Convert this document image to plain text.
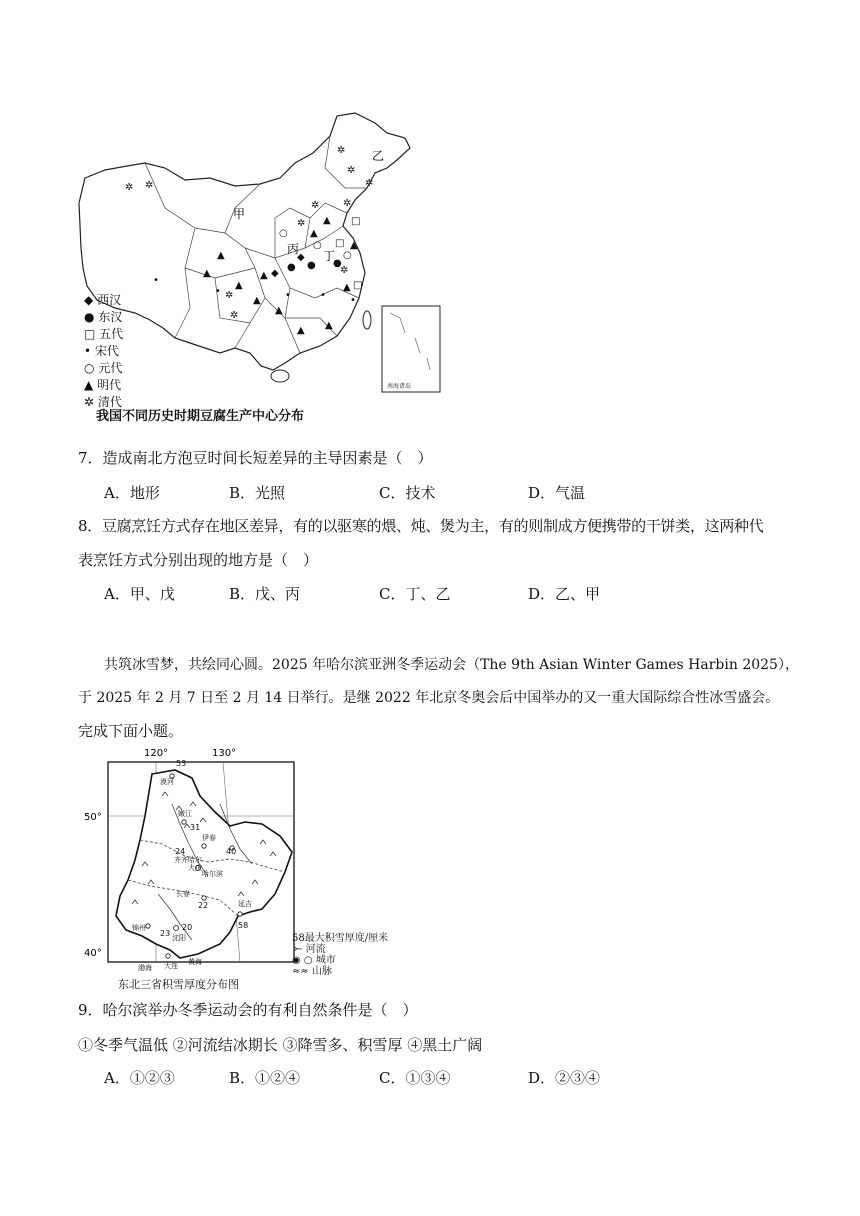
南海诸岛
甲
乙
丙 丁
✲ ✲
✲
✲
✲
✲
✲
✲
✲
✲
✲
▲
▲
▲
▲
▲
▲
▲
▲ ▲
▲
▲
▲
●
●	●
◆
◆
○
○
○
□
□
□
•
•	•
•	•
◆ 西汉
● 东汉
□ 五代
• 宋代
○ 元代
▲ 明代
✲ 清代
我国不同历史时期豆腐生产中心分布
7．造成南北方泡豆时间长短差异的主导因素是（　）
A．地形	B．光照	C．技术	D．气温
8．豆腐烹饪方式存在地区差异，有的以驱寒的煨、炖、煲为主，有的则制成方便携带的干饼类，这两种代
表烹饪方式分别出现的地方是（　）
A．甲、戊	B．戊、丙	C．丁、乙	D．乙、甲
共筑冰雪梦，共绘同心圆。2025 年哈尔滨亚洲冬季运动会（The 9th Asian Winter Games Harbin 2025），
于 2025 年 2 月 7 日至 2 月 14 日举行。是继 2022 年北京冬奥会后中国举办的又一重大国际综合性冰雪盛会。
完成下面小题。
53
31
24	40
22
58
20
23
漠河
嫩江
伊春
齐齐哈尔
大庆
哈尔滨
长春
延吉
锦州
沈阳
大连
渤海
黄海
120°	130°
50°
40°
58最大积雪厚度/厘米
⤚ 河流
◉ ○ 城市
≈≈ 山脉
东北三省积雪厚度分布图
9．哈尔滨举办冬季运动会的有利自然条件是（　）
①冬季气温低 ②河流结冰期长 ③降雪多、积雪厚 ④黑土广阔
A．①②③	B．①②④	C．①③④	D．②③④
